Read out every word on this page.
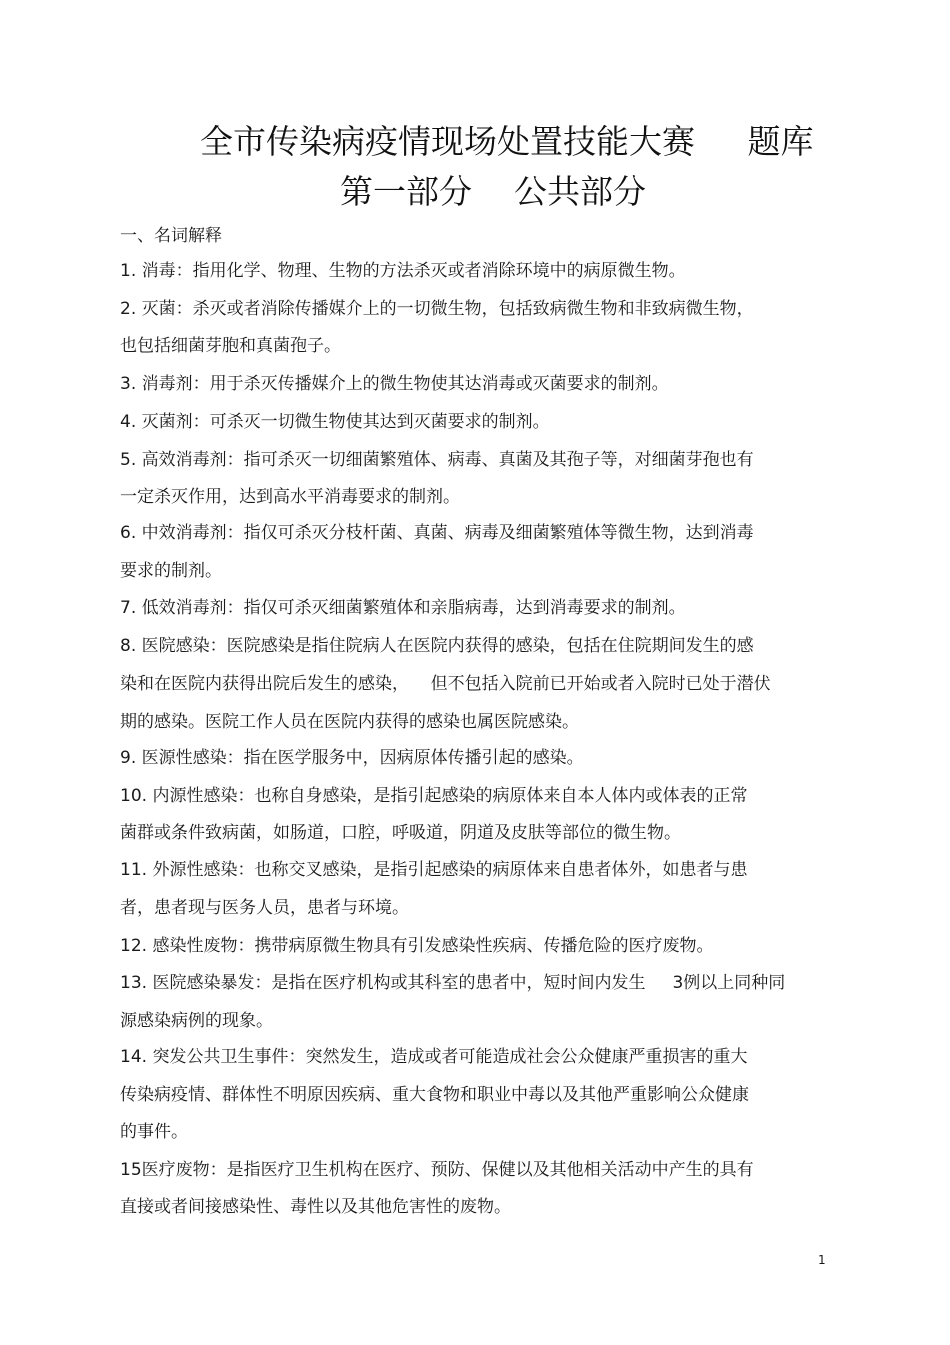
全市传染病疫情现场处置技能大赛     题库
第一部分    公共部分
一、名词解释
1. 消毒：指用化学、物理、生物的方法杀灭或者消除环境中的病原微生物。
2. 灭菌：杀灭或者消除传播媒介上的一切微生物，包括致病微生物和非致病微生物，
也包括细菌芽胞和真菌孢子。
3. 消毒剂：用于杀灭传播媒介上的微生物使其达消毒或灭菌要求的制剂。
4. 灭菌剂：可杀灭一切微生物使其达到灭菌要求的制剂。
5. 高效消毒剂：指可杀灭一切细菌繁殖体、病毒、真菌及其孢子等，对细菌芽孢也有
一定杀灭作用，达到高水平消毒要求的制剂。
6. 中效消毒剂：指仅可杀灭分枝杆菌、真菌、病毒及细菌繁殖体等微生物，达到消毒
要求的制剂。
7. 低效消毒剂：指仅可杀灭细菌繁殖体和亲脂病毒，达到消毒要求的制剂。
8. 医院感染：医院感染是指住院病人在医院内获得的感染，包括在住院期间发生的感
染和在医院内获得出院后发生的感染，    但不包括入院前已开始或者入院时已处于潜伏
期的感染。医院工作人员在医院内获得的感染也属医院感染。
9. 医源性感染：指在医学服务中，因病原体传播引起的感染。
10. 内源性感染：也称自身感染，是指引起感染的病原体来自本人体内或体表的正常
菌群或条件致病菌，如肠道，口腔，呼吸道，阴道及皮肤等部位的微生物。
11. 外源性感染：也称交叉感染，是指引起感染的病原体来自患者体外，如患者与患
者，患者现与医务人员，患者与环境。
12. 感染性废物：携带病原微生物具有引发感染性疾病、传播危险的医疗废物。
13. 医院感染暴发：是指在医疗机构或其科室的患者中，短时间内发生     3例以上同种同
源感染病例的现象。
14. 突发公共卫生事件：突然发生，造成或者可能造成社会公众健康严重损害的重大
传染病疫情、群体性不明原因疾病、重大食物和职业中毒以及其他严重影响公众健康
的事件。
15医疗废物：是指医疗卫生机构在医疗、预防、保健以及其他相关活动中产生的具有
直接或者间接感染性、毒性以及其他危害性的废物。
1
